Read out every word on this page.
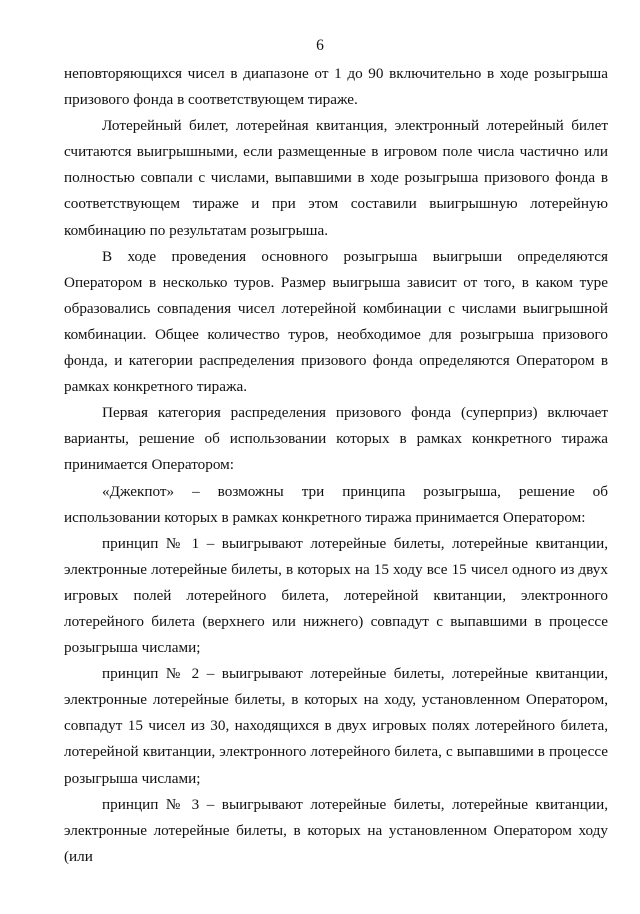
6

неповторяющихся чисел в диапазоне от 1 до 90 включительно в ходе розыгрыша призового фонда в соответствующем тираже.

Лотерейный билет, лотерейная квитанция, электронный лотерейный билет считаются выигрышными, если размещенные в игровом поле числа частично или полностью совпали с числами, выпавшими в ходе розыгрыша призового фонда в соответствующем тираже и при этом составили выигрышную лотерейную комбинацию по результатам розыгрыша.

В ходе проведения основного розыгрыша выигрыши определяются Оператором в несколько туров. Размер выигрыша зависит от того, в каком туре образовались совпадения чисел лотерейной комбинации с числами выигрышной комбинации. Общее количество туров, необходимое для розыгрыша призового фонда, и категории распределения призового фонда определяются Оператором в рамках конкретного тиража.

Первая категория распределения призового фонда (суперприз) включает варианты, решение об использовании которых в рамках конкретного тиража принимается Оператором:

«Джекпот» – возможны три принципа розыгрыша, решение об использовании которых в рамках конкретного тиража принимается Оператором:

принцип № 1 – выигрывают лотерейные билеты, лотерейные квитанции, электронные лотерейные билеты, в которых на 15 ходу все 15 чисел одного из двух игровых полей лотерейного билета, лотерейной квитанции, электронного лотерейного билета (верхнего или нижнего) совпадут с выпавшими в процессе розыгрыша числами;

принцип № 2 – выигрывают лотерейные билеты, лотерейные квитанции, электронные лотерейные билеты, в которых на ходу, установленном Оператором, совпадут 15 чисел из 30, находящихся в двух игровых полях лотерейного билета, лотерейной квитанции, электронного лотерейного билета, с выпавшими в процессе розыгрыша числами;

принцип № 3 – выигрывают лотерейные билеты, лотерейные квитанции, электронные лотерейные билеты, в которых на установленном Оператором ходу (или
